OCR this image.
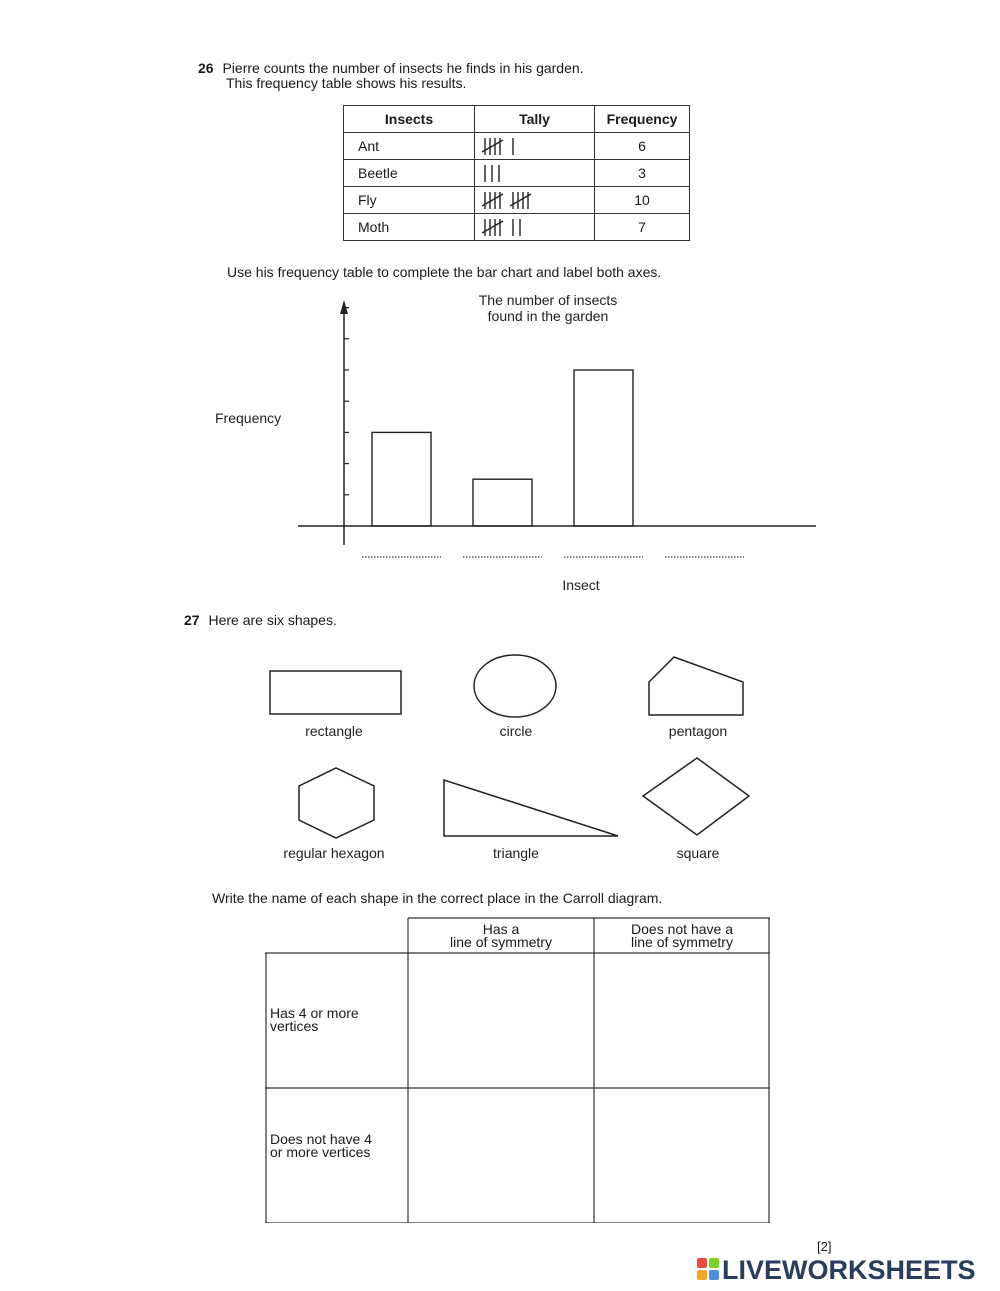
26 Pierre counts the number of insects he finds in his garden.
This frequency table shows his results.
Insects	Tally	Frequency
Ant		6
Beetle		3
Fly		10
Moth		7
Use his frequency table to complete the bar chart and label both axes.
The number of insects
found in the garden
Frequency
Insect
27 Here are six shapes.
rectangle	circle	pentagon
regular hexagon	triangle	square
Write the name of each shape in the correct place in the Carroll diagram.
Has a
line of symmetry
Does not have a
line of symmetry
Has 4 or more
vertices
Does not have 4
or more vertices
[2]
LIVEWORKSHEETS
